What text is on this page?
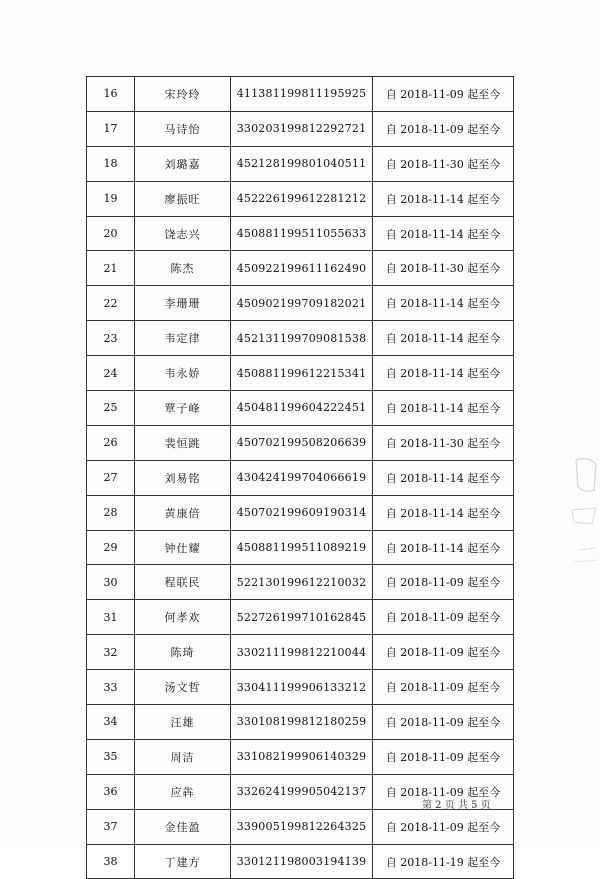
16	宋玲玲	411381199811195925	自 2018-11-09 起至今
17	马诗怡	330203199812292721	自 2018-11-09 起至今
18	刘璐嘉	452128199801040511	自 2018-11-30 起至今
19	廖振旺	452226199612281212	自 2018-11-14 起至今
20	饶志兴	450881199511055633	自 2018-11-14 起至今
21	陈杰	450922199611162490	自 2018-11-30 起至今
22	李珊珊	450902199709182021	自 2018-11-14 起至今
23	韦定律	452131199709081538	自 2018-11-14 起至今
24	韦永娇	450881199612215341	自 2018-11-14 起至今
25	覃子峰	450481199604222451	自 2018-11-14 起至今
26	裴恒跳	450702199508206639	自 2018-11-30 起至今
27	刘易铭	430424199704066619	自 2018-11-14 起至今
28	黄康倍	450702199609190314	自 2018-11-14 起至今
29	钟仕耀	450881199511089219	自 2018-11-14 起至今
30	程联民	522130199612210032	自 2018-11-09 起至今
31	何孝欢	522726199710162845	自 2018-11-09 起至今
32	陈琦	330211199812210044	自 2018-11-09 起至今
33	汤文哲	330411199906133212	自 2018-11-09 起至今
34	汪雄	330108199812180259	自 2018-11-09 起至今
35	周洁	331082199906140329	自 2018-11-09 起至今
36	应犇	332624199905042137	自 2018-11-09 起至今
37	金佳盈	339005199812264325	自 2018-11-09 起至今
38	丁建方	330121198003194139	自 2018-11-19 起至今
第 2 页 共 5 页
